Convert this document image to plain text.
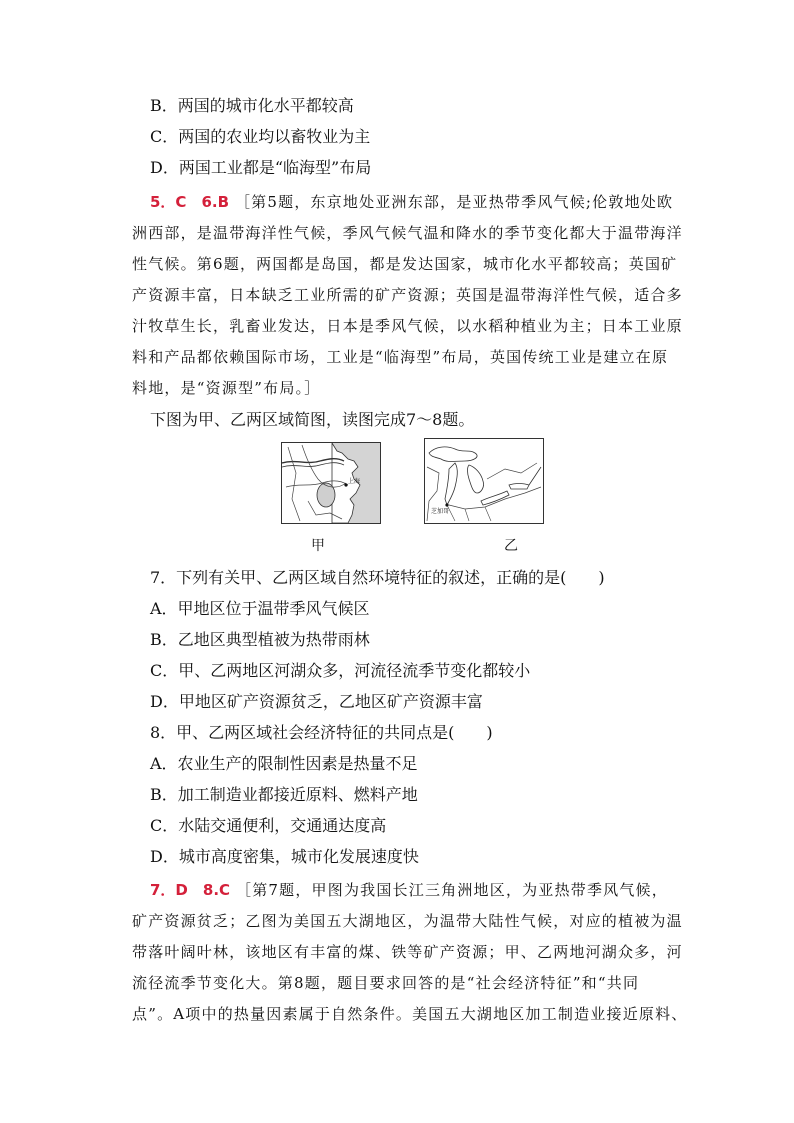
B．两国的城市化水平都较高
C．两国的农业均以畜牧业为主
D．两国工业都是“临海型”布局
5．C　6.B ［第5题，东京地处亚洲东部，是亚热带季风气候;伦敦地处欧
洲西部，是温带海洋性气候，季风气候气温和降水的季节变化都大于温带海洋
性气候。第6题，两国都是岛国，都是发达国家，城市化水平都较高；英国矿
产资源丰富，日本缺乏工业所需的矿产资源；英国是温带海洋性气候，适合多
汁牧草生长，乳畜业发达，日本是季风气候，以水稻种植业为主；日本工业原
料和产品都依赖国际市场，工业是“临海型”布局，英国传统工业是建立在原
料地，是“资源型”布局。］
下图为甲、乙两区域简图，读图完成7～8题。
上海
甲
芝加哥
乙
7．下列有关甲、乙两区域自然环境特征的叙述，正确的是(　　)
A．甲地区位于温带季风气候区
B．乙地区典型植被为热带雨林
C．甲、乙两地区河湖众多，河流径流季节变化都较小
D．甲地区矿产资源贫乏，乙地区矿产资源丰富
8．甲、乙两区域社会经济特征的共同点是(　　)
A．农业生产的限制性因素是热量不足
B．加工制造业都接近原料、燃料产地
C．水陆交通便利，交通通达度高
D．城市高度密集，城市化发展速度快
7．D　8.C ［第7题，甲图为我国长江三角洲地区，为亚热带季风气候，
矿产资源贫乏；乙图为美国五大湖地区，为温带大陆性气候，对应的植被为温
带落叶阔叶林，该地区有丰富的煤、铁等矿产资源；甲、乙两地河湖众多，河
流径流季节变化大。第8题，题目要求回答的是“社会经济特征”和“共同
点”。A项中的热量因素属于自然条件。美国五大湖地区加工制造业接近原料、
